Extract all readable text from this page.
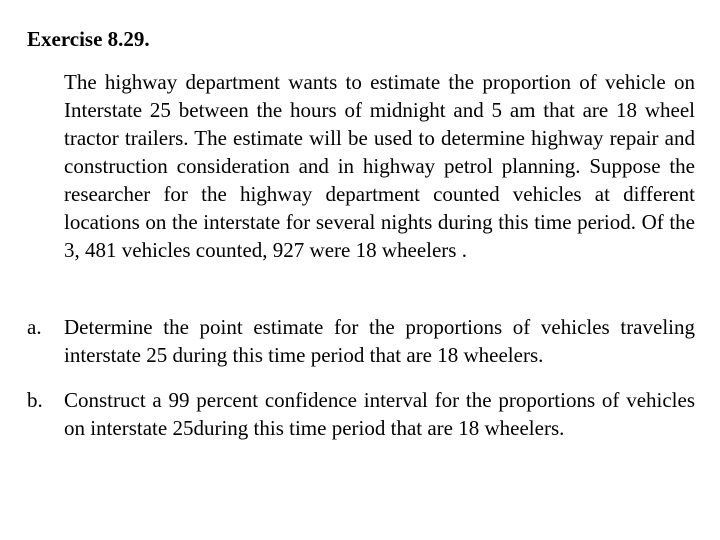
Exercise 8.29.
The highway department wants to estimate the proportion of vehicle on Interstate 25 between the hours of midnight and 5 am that are 18 wheel tractor trailers. The estimate will be used to determine highway repair and construction consideration and in highway petrol planning. Suppose the researcher for the highway department counted vehicles at different locations on the interstate for several nights during this time period. Of the 3, 481 vehicles counted, 927 were 18 wheelers .
a.	Determine the point estimate for the proportions of vehicles traveling interstate 25 during this time period that are 18 wheelers.
b.	Construct a 99 percent confidence interval for the proportions of vehicles on interstate 25during this time period that are 18 wheelers.
